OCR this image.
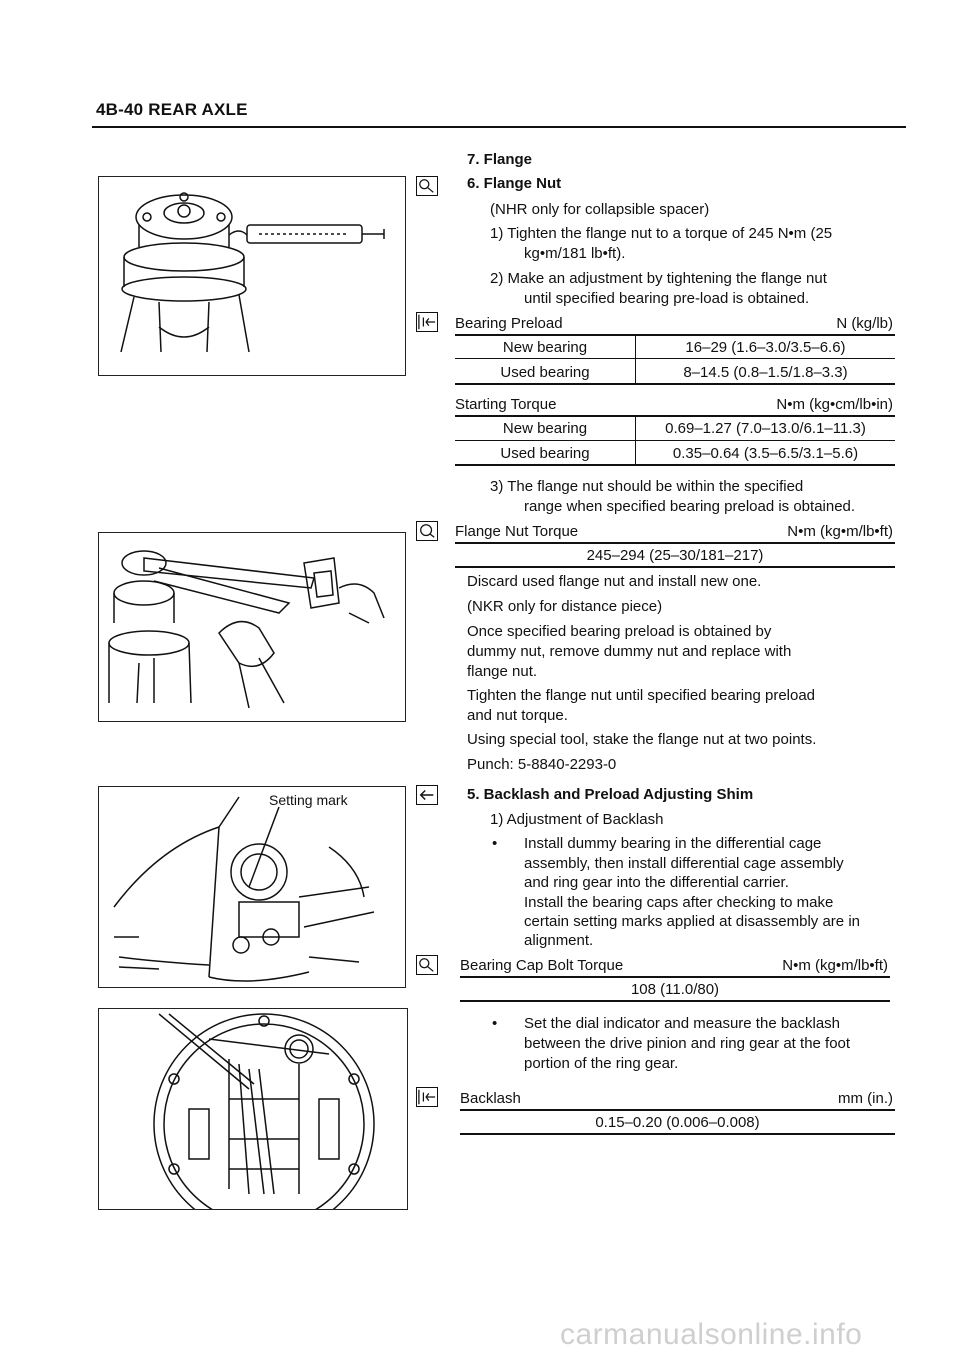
4B-40 REAR AXLE
Setting mark
7. Flange
6. Flange Nut
(NHR only for collapsible spacer)
1) Tighten the flange nut to a torque of 245 N•m (25
kg•m/181 lb•ft).
2) Make an adjustment by tightening the flange nut
until specified bearing pre-load is obtained.
Bearing Preload	N (kg/lb)
New bearing	16–29 (1.6–3.0/3.5–6.6)
Used bearing	8–14.5 (0.8–1.5/1.8–3.3)
Starting Torque	N•m (kg•cm/lb•in)
New bearing	0.69–1.27 (7.0–13.0/6.1–11.3)
Used bearing	0.35–0.64 (3.5–6.5/3.1–5.6)
3) The flange nut should be within the specified
range when specified bearing preload is obtained.
Flange Nut Torque	N•m (kg•m/lb•ft)
245–294 (25–30/181–217)
Discard used flange nut and install new one.
(NKR only for distance piece)
Once specified bearing preload is obtained by
dummy nut, remove dummy nut and replace with
flange nut.
Tighten the flange nut until specified bearing preload
and nut torque.
Using special tool, stake the flange nut at two points.
Punch: 5-8840-2293-0
5. Backlash and Preload Adjusting Shim
1) Adjustment of Backlash
• Install dummy bearing in the differential cage
assembly, then install differential cage assembly
and ring gear into the differential carrier.
Install the bearing caps after checking to make
certain setting marks applied at disassembly are in
alignment.
Bearing Cap Bolt Torque	N•m (kg•m/lb•ft)
108 (11.0/80)
• Set the dial indicator and measure the backlash
between the drive pinion and ring gear at the foot
portion of the ring gear.
Backlash	mm (in.)
0.15–0.20 (0.006–0.008)
carmanualsonline.info
